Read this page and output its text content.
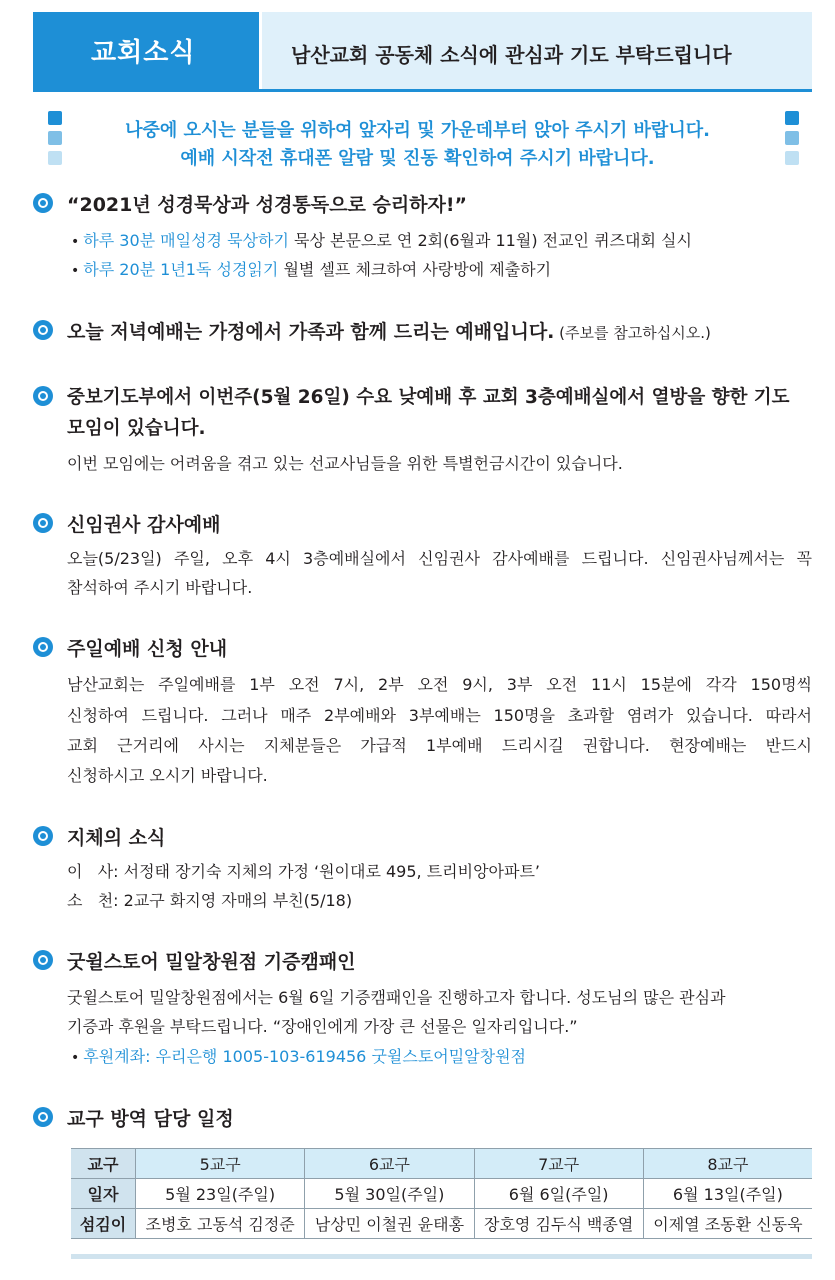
교회소식	남산교회 공동체 소식에 관심과 기도 부탁드립니다
나중에 오시는 분들을 위하여 앞자리 및 가운데부터 앉아 주시기 바랍니다.
예배 시작전 휴대폰 알람 및 진동 확인하여 주시기 바랍니다.
“2021년 성경묵상과 성경통독으로 승리하자!”
• 하루 30분 매일성경 묵상하기 묵상 본문으로 연 2회(6월과 11월) 전교인 퀴즈대회 실시
• 하루 20분 1년1독 성경읽기 월별 셀프 체크하여 사랑방에 제출하기
오늘 저녁예배는 가정에서 가족과 함께 드리는 예배입니다. (주보를 참고하십시오.)
중보기도부에서 이번주(5월 26일) 수요 낮예배 후 교회 3층예배실에서 열방을 향한 기도
모임이 있습니다.
이번 모임에는 어려움을 겪고 있는 선교사님들을 위한 특별헌금시간이 있습니다.
신임권사 감사예배
오늘(5/23일) 주일, 오후 4시 3층예배실에서 신임권사 감사예배를 드립니다. 신임권사님께서는 꼭
참석하여 주시기 바랍니다.
주일예배 신청 안내
남산교회는 주일예배를 1부 오전 7시, 2부 오전 9시, 3부 오전 11시 15분에 각각 150명씩
신청하여 드립니다. 그러나 매주 2부예배와 3부예배는 150명을 초과할 염려가 있습니다. 따라서
교회 근거리에 사시는 지체분들은 가급적 1부예배 드리시길 권합니다. 현장예배는 반드시
신청하시고 오시기 바랍니다.
지체의 소식
이   사: 서정태 장기숙 지체의 가정 ‘원이대로 495, 트리비앙아파트’
소   천: 2교구 화지영 자매의 부친(5/18)
굿윌스토어 밀알창원점 기증캠패인
굿윌스토어 밀알창원점에서는 6월 6일 기증캠패인을 진행하고자 합니다. 성도님의 많은 관심과
기증과 후원을 부탁드립니다. “장애인에게 가장 큰 선물은 일자리입니다.”
• 후원계좌: 우리은행 1005-103-619456 굿윌스토어밀알창원점
교구 방역 담당 일정
교구	5교구	6교구	7교구	8교구
일자	5월 23일(주일)	5월 30일(주일)	6월 6일(주일)	6월 13일(주일)
섬김이	조병호 고동석 김정준	남상민 이철권 윤태홍	장호영 김두식 백종열	이제열 조동환 신동욱
